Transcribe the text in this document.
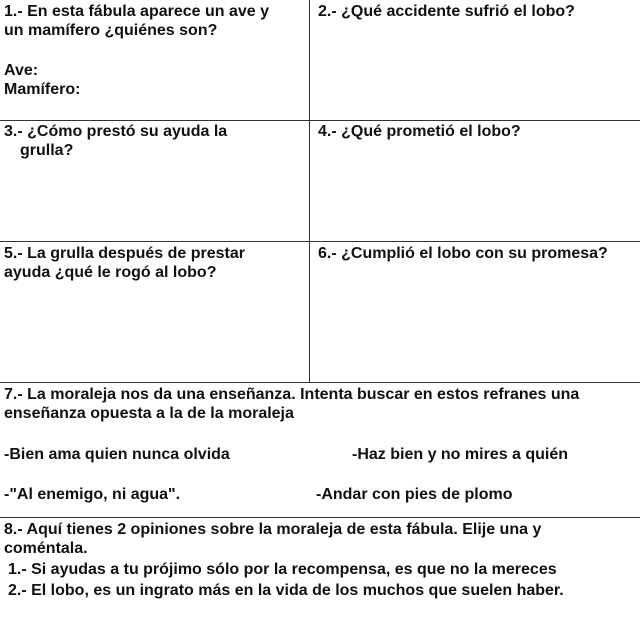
1.- En esta fábula aparece un ave y
un mamífero ¿quiénes son?
Ave:
Mamífero:
2.- ¿Qué accidente sufrió el lobo?
3.- ¿Cómo prestó su ayuda la
grulla?
4.- ¿Qué prometió el lobo?
5.- La grulla después de prestar
ayuda ¿qué le rogó al lobo?
6.- ¿Cumplió el lobo con su promesa?
7.- La moraleja nos da una enseñanza. Intenta buscar en estos refranes una
enseñanza opuesta a la de la moraleja
-Bien ama quien nunca olvida	-Haz bien y no mires a quién
-"Al enemigo, ni agua".	-Andar con pies de plomo
8.- Aquí tienes 2 opiniones sobre la moraleja de esta fábula. Elije una y
coméntala.
1.- Si ayudas a tu prójimo sólo por la recompensa, es que no la mereces
2.- El lobo, es un ingrato más en la vida de los muchos que suelen haber.
